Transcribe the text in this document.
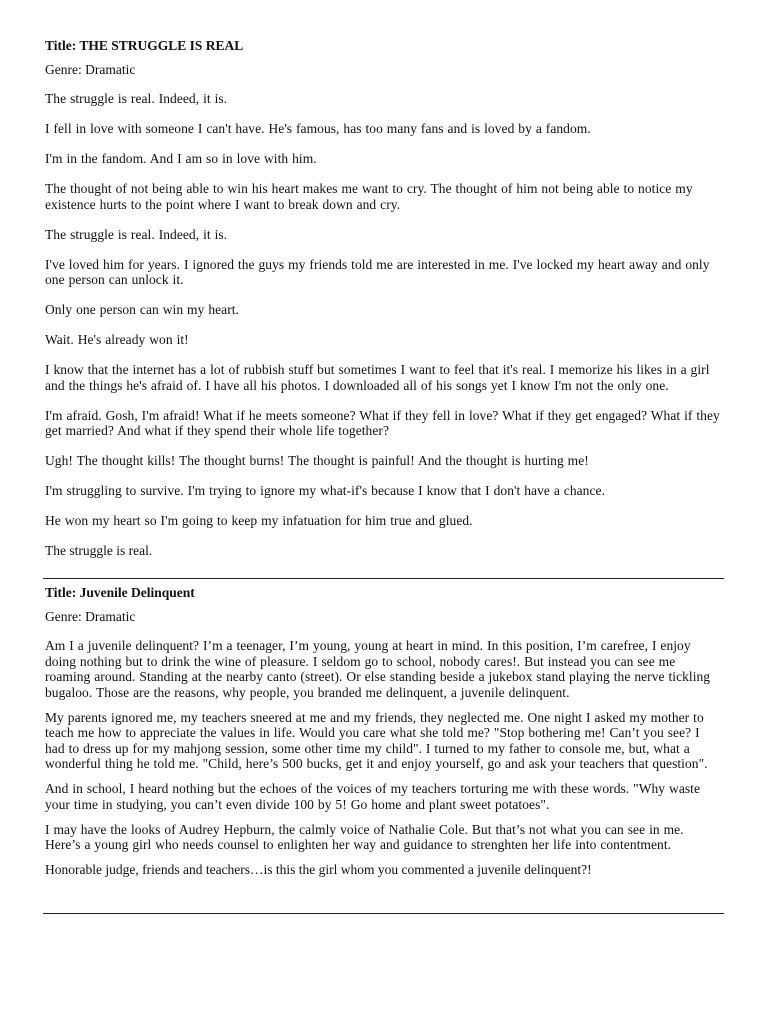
Title: THE STRUGGLE IS REAL
Genre: Dramatic

The struggle is real. Indeed, it is.

I fell in love with someone I can't have. He's famous, has too many fans and is loved by a fandom.

I'm in the fandom. And I am so in love with him.

The thought of not being able to win his heart makes me want to cry. The thought of him not being able to notice my existence hurts to the point where I want to break down and cry.

The struggle is real. Indeed, it is.

I've loved him for years. I ignored the guys my friends told me are interested in me. I've locked my heart away and only one person can unlock it.

Only one person can win my heart.

Wait. He's already won it!

I know that the internet has a lot of rubbish stuff but sometimes I want to feel that it's real. I memorize his likes in a girl and the things he's afraid of. I have all his photos. I downloaded all of his songs yet I know I'm not the only one.

I'm afraid. Gosh, I'm afraid! What if he meets someone? What if they fell in love? What if they get engaged? What if they get married? And what if they spend their whole life together?

Ugh! The thought kills! The thought burns! The thought is painful! And the thought is hurting me!

I'm struggling to survive. I'm trying to ignore my what-if's because I know that I don't have a chance.

He won my heart so I'm going to keep my infatuation for him true and glued.

The struggle is real.

Title: Juvenile Delinquent
Genre: Dramatic

Am I a juvenile delinquent? I’m a teenager, I’m young, young at heart in mind. In this position, I’m carefree, I enjoy doing nothing but to drink the wine of pleasure. I seldom go to school, nobody cares!. But instead you can see me roaming around. Standing at the nearby canto (street). Or else standing beside a jukebox stand playing the nerve tickling bugaloo. Those are the reasons, why people, you branded me delinquent, a juvenile delinquent.

My parents ignored me, my teachers sneered at me and my friends, they neglected me. One night I asked my mother to teach me how to appreciate the values in life. Would you care what she told me? "Stop bothering me! Can’t you see? I had to dress up for my mahjong session, some other time my child". I turned to my father to console me, but, what a wonderful thing he told me. "Child, here’s 500 bucks, get it and enjoy yourself, go and ask your teachers that question".

And in school, I heard nothing but the echoes of the voices of my teachers torturing me with these words. "Why waste your time in studying, you can’t even divide 100 by 5! Go home and plant sweet potatoes".

I may have the looks of Audrey Hepburn, the calmly voice of Nathalie Cole. But that’s not what you can see in me. Here’s a young girl who needs counsel to enlighten her way and guidance to strenghten her life into contentment.

Honorable judge, friends and teachers…is this the girl whom you commented a juvenile delinquent?!
